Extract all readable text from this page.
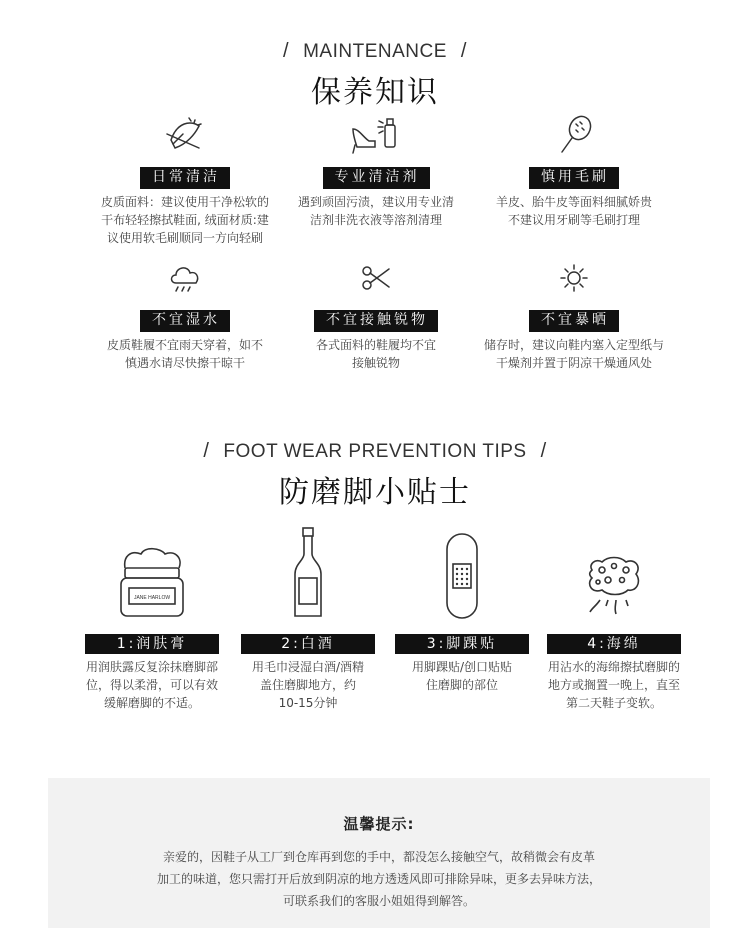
/ MAINTENANCE /
保养知识
日常清洁
皮质面料：建议使用干净松软的
干布轻轻擦拭鞋面, 绒面材质:建
议使用软毛刷顺同一方向轻刷
专业清洁剂
遇到顽固污渍，建议用专业清
洁剂非洗衣液等溶剂清理
慎用毛刷
羊皮、胎牛皮等面料细腻娇贵
不建议用牙刷等毛刷打理
不宜湿水
皮质鞋履不宜雨天穿着，如不
慎遇水请尽快擦干晾干
不宜接触锐物
各式面料的鞋履均不宜
接触锐物
不宜暴晒
储存时，建议向鞋内塞入定型纸与
干燥剂并置于阴凉干燥通风处
/ FOOT WEAR PREVENTION TIPS /
防磨脚小贴士
JANE HARLOW
1:润肤膏
用润肤露反复涂抹磨脚部
位，得以柔滑，可以有效
缓解磨脚的不适。
2:白酒
用毛巾浸湿白酒/酒精
盖住磨脚地方，约
10-15分钟
3:脚踝贴
用脚踝贴/创口贴贴
住磨脚的部位
4:海绵
用沾水的海绵擦拭磨脚的
地方或搁置一晚上，直至
第二天鞋子变软。
温馨提示:
亲爱的，因鞋子从工厂到仓库再到您的手中，都没怎么接触空气，故稍微会有皮革
加工的味道，您只需打开后放到阴凉的地方透透风即可排除异味，更多去异味方法，
可联系我们的客服小姐姐得到解答。
